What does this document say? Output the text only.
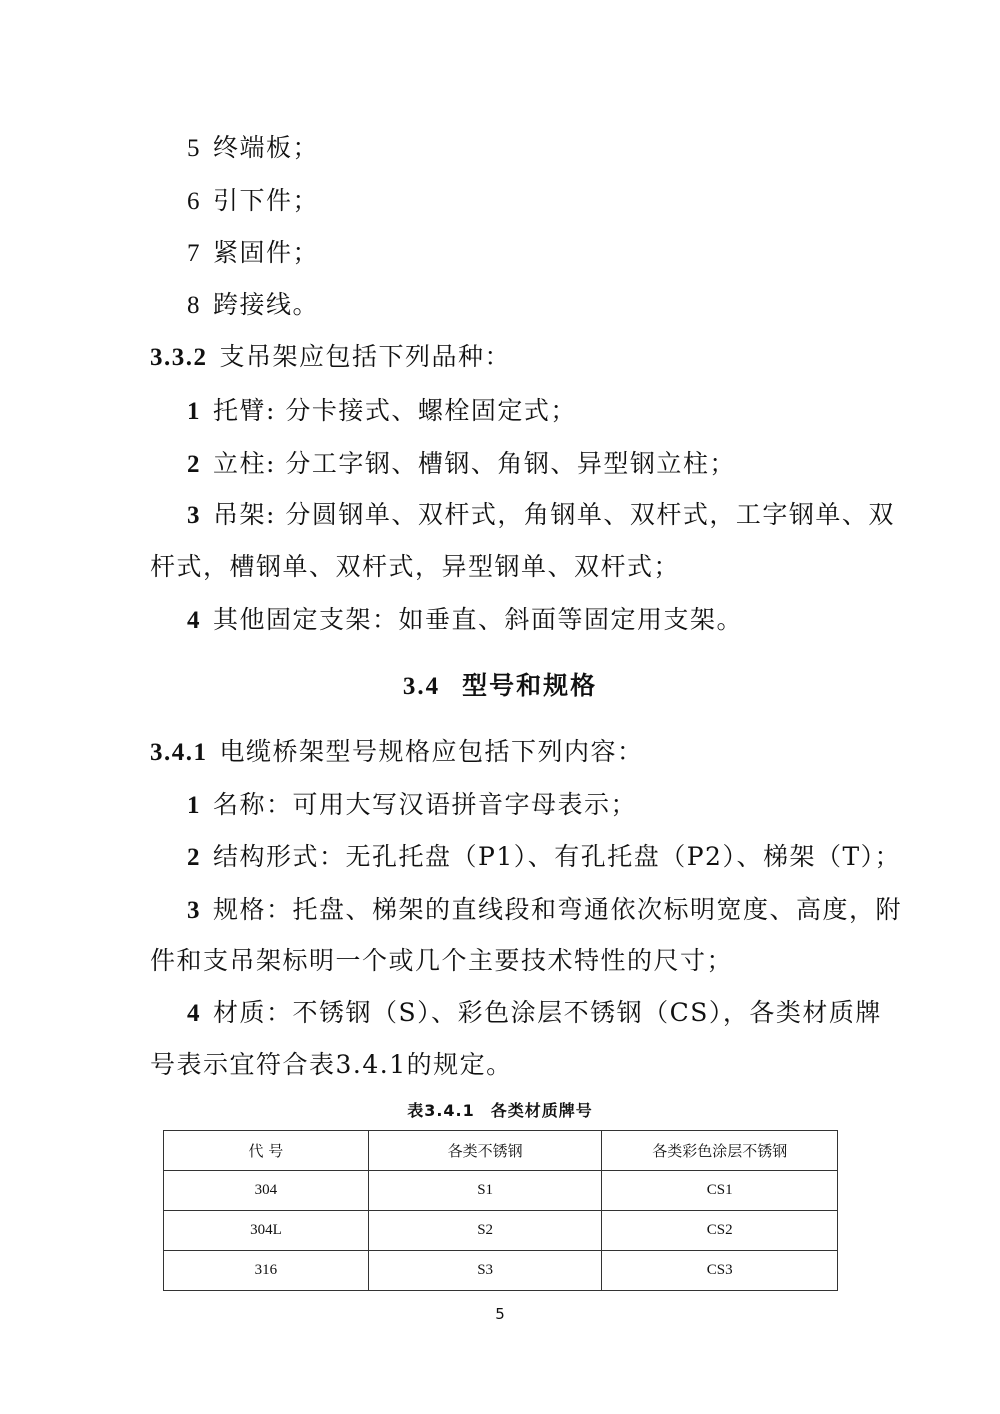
5 终端板；
6 引下件；
7 紧固件；
8 跨接线。
3.3.2 支吊架应包括下列品种：
1 托臂: 分卡接式、螺栓固定式；
2 立柱: 分工字钢、槽钢、角钢、异型钢立柱；
3 吊架: 分圆钢单、双杆式，角钢单、双杆式，工字钢单、双
杆式，槽钢单、双杆式，异型钢单、双杆式；
4 其他固定支架：如垂直、斜面等固定用支架。
3.4 型号和规格
3.4.1 电缆桥架型号规格应包括下列内容：
1 名称：可用大写汉语拼音字母表示；
2 结构形式：无孔托盘（P1）、有孔托盘（P2）、梯架（T）；
3 规格：托盘、梯架的直线段和弯通依次标明宽度、高度，附
件和支吊架标明一个或几个主要技术特性的尺寸；
4 材质：不锈钢（S）、彩色涂层不锈钢（CS），各类材质牌
号表示宜符合表3.4.1的规定。
表3.4.1 各类材质牌号
代 号	各类不锈钢	各类彩色涂层不锈钢
304	S1	CS1
304L	S2	CS2
316	S3	CS3
5
